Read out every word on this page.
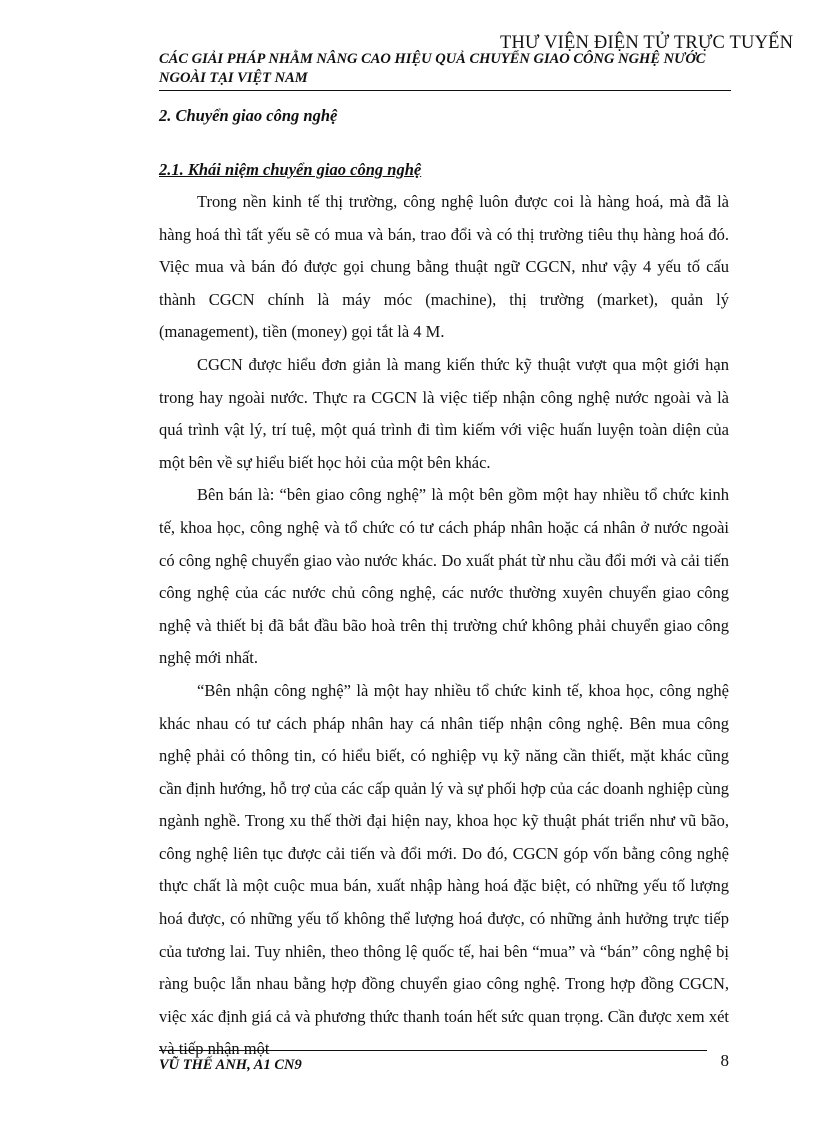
THƯ VIỆN ĐIỆN TỬ TRỰC TUYẾN

CÁC GIẢI PHÁP NHẰM NÂNG CAO HIỆU QUẢ CHUYỂN GIAO CÔNG NGHỆ NƯỚC NGOÀI TẠI VIỆT NAM

2. Chuyển giao công nghệ
2.1. Khái niệm chuyển giao công nghệ

Trong nền kinh tế thị trường, công nghệ luôn được coi là hàng hoá, mà đã là hàng hoá thì tất yếu sẽ có mua và bán, trao đổi và có thị trường tiêu thụ hàng hoá đó. Việc mua và bán đó được gọi chung bằng thuật ngữ CGCN, như vậy 4 yếu tố cấu thành CGCN chính là máy móc (machine), thị trường (market), quản lý (management), tiền (money) gọi tắt là 4 M.

CGCN được hiểu đơn giản là mang kiến thức kỹ thuật vượt qua một giới hạn trong hay ngoài nước. Thực ra CGCN là việc tiếp nhận công nghệ nước ngoài và là quá trình vật lý, trí tuệ, một quá trình đi tìm kiếm với việc huấn luyện toàn diện của một bên về sự hiểu biết học hỏi của một bên khác.

Bên bán là: “bên giao công nghệ” là một bên gồm một hay nhiều tổ chức kinh tế, khoa học, công nghệ và tổ chức có tư cách pháp nhân hoặc cá nhân ở nước ngoài có công nghệ chuyển giao vào nước khác. Do xuất phát từ nhu cầu đổi mới và cải tiến công nghệ của các nước chủ công nghệ, các nước thường xuyên chuyển giao công nghệ và thiết bị đã bắt đầu bão hoà trên thị trường chứ không phải chuyển giao công nghệ mới nhất.

“Bên nhận công nghệ” là một hay nhiều tổ chức kinh tế, khoa học, công nghệ khác nhau có tư cách pháp nhân hay cá nhân tiếp nhận công nghệ. Bên mua công nghệ phải có thông tin, có hiểu biết, có nghiệp vụ kỹ năng cần thiết, mặt khác cũng cần định hướng, hỗ trợ của các cấp quản lý và sự phối hợp của các doanh nghiệp cùng ngành nghề. Trong xu thế thời đại hiện nay, khoa học kỹ thuật phát triển như vũ bão, công nghệ liên tục được cải tiến và đổi mới. Do đó, CGCN góp vốn bằng công nghệ thực chất là một cuộc mua bán, xuất nhập hàng hoá đặc biệt, có những yếu tố lượng hoá được, có những yếu tố không thể lượng hoá được, có những ảnh hưởng trực tiếp của tương lai. Tuy nhiên, theo thông lệ quốc tế, hai bên “mua” và “bán” công nghệ bị ràng buộc lẫn nhau bằng hợp đồng chuyển giao công nghệ. Trong hợp đồng CGCN, việc xác định giá cả và phương thức thanh toán hết sức quan trọng. Cần được xem xét và tiếp nhận một

VŨ THẾ ANH, A1 CN9	8
